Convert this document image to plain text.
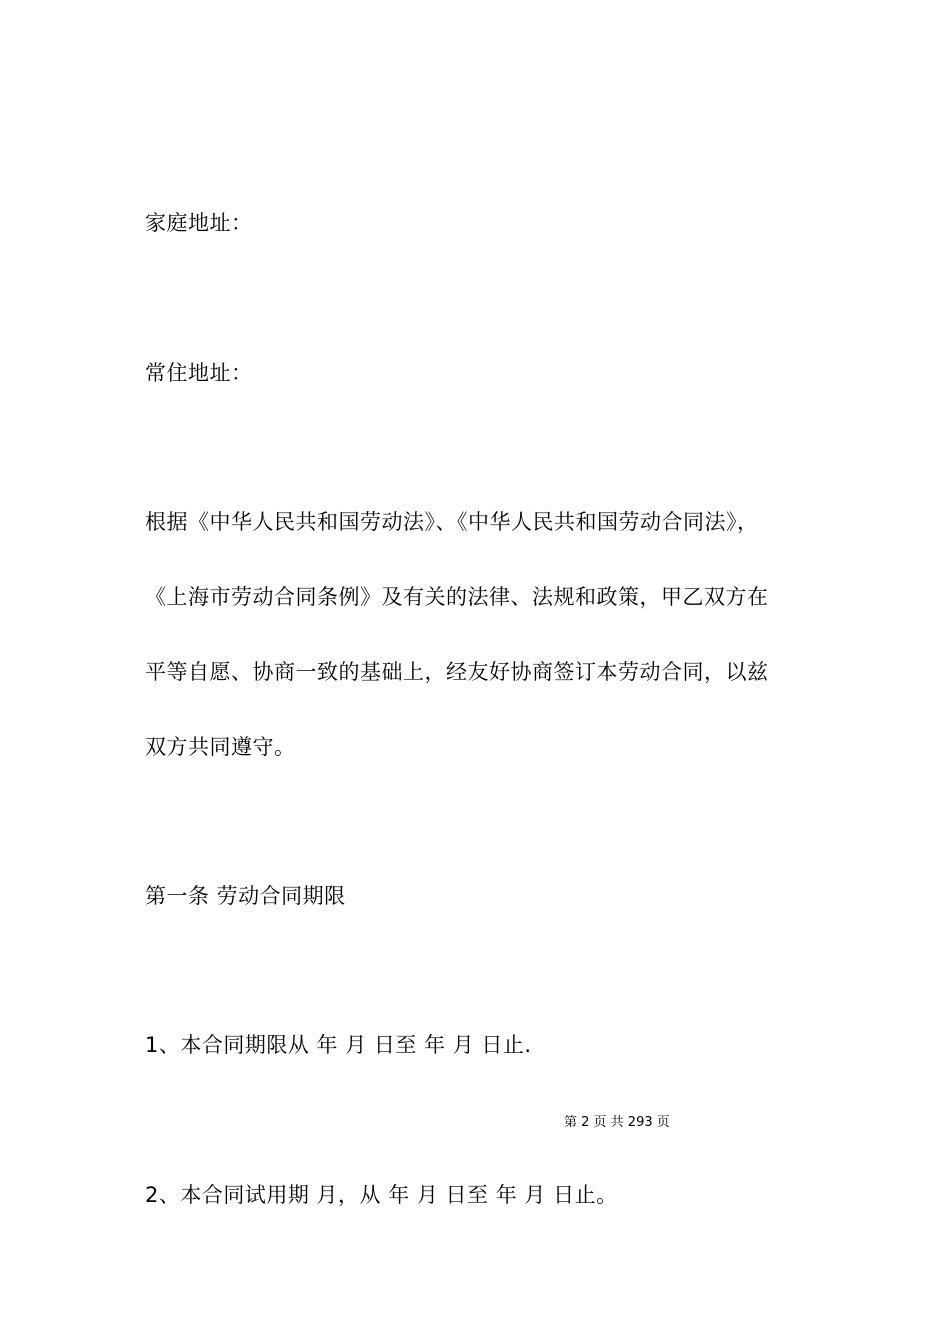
家庭地址：
常住地址：
根据《中华人民共和国劳动法》、《中华人民共和国劳动合同法》，
《上海市劳动合同条例》及有关的法律、法规和政策，甲乙双方在
平等自愿、协商一致的基础上，经友好协商签订本劳动合同，以兹
双方共同遵守。
第一条 劳动合同期限
1、本合同期限从 年 月 日至 年 月 日止.
第 2 页 共 293 页
2、本合同试用期 月，从 年 月 日至 年 月 日止。
